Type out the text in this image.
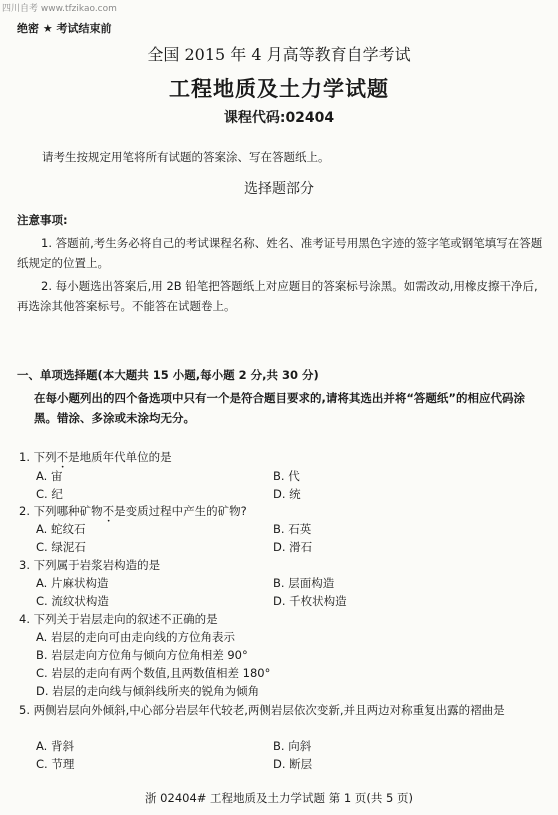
四川自考 www.tfzikao.com
绝密 ★ 考试结束前
全国 2015 年 4 月高等教育自学考试
工程地质及土力学试题
课程代码:02404
请考生按规定用笔将所有试题的答案涂、写在答题纸上。
选择题部分
注意事项:
1. 答题前,考生务必将自己的考试课程名称、姓名、准考证号用黑色字迹的签字笔或钢笔填写在答题纸规定的位置上。
2. 每小题选出答案后,用 2B 铅笔把答题纸上对应题目的答案标号涂黑。如需改动,用橡皮擦干净后,再选涂其他答案标号。不能答在试题卷上。
一、单项选择题(本大题共 15 小题,每小题 2 分,共 30 分)
在每小题列出的四个备选项中只有一个是符合题目要求的,请将其选出并将“答题纸”的相应代码涂黑。错涂、多涂或未涂均无分。
1. 下列不是地质年代单位的是
A. 宙	B. 代
C. 纪	D. 统
2. 下列哪种矿物不是变质过程中产生的矿物?
A. 蛇纹石	B. 石英
C. 绿泥石	D. 滑石
3. 下列属于岩浆岩构造的是
A. 片麻状构造	B. 层面构造
C. 流纹状构造	D. 千枚状构造
4. 下列关于岩层走向的叙述不正确的是
A. 岩层的走向可由走向线的方位角表示
B. 岩层走向方位角与倾向方位角相差 90°
C. 岩层的走向有两个数值,且两数值相差 180°
D. 岩层的走向线与倾斜线所夹的锐角为倾角
5. 两侧岩层向外倾斜,中心部分岩层年代较老,两侧岩层依次变新,并且两边对称重复出露的褶曲是
A. 背斜	B. 向斜
C. 节理	D. 断层
浙 02404# 工程地质及土力学试题 第 1 页(共 5 页)
